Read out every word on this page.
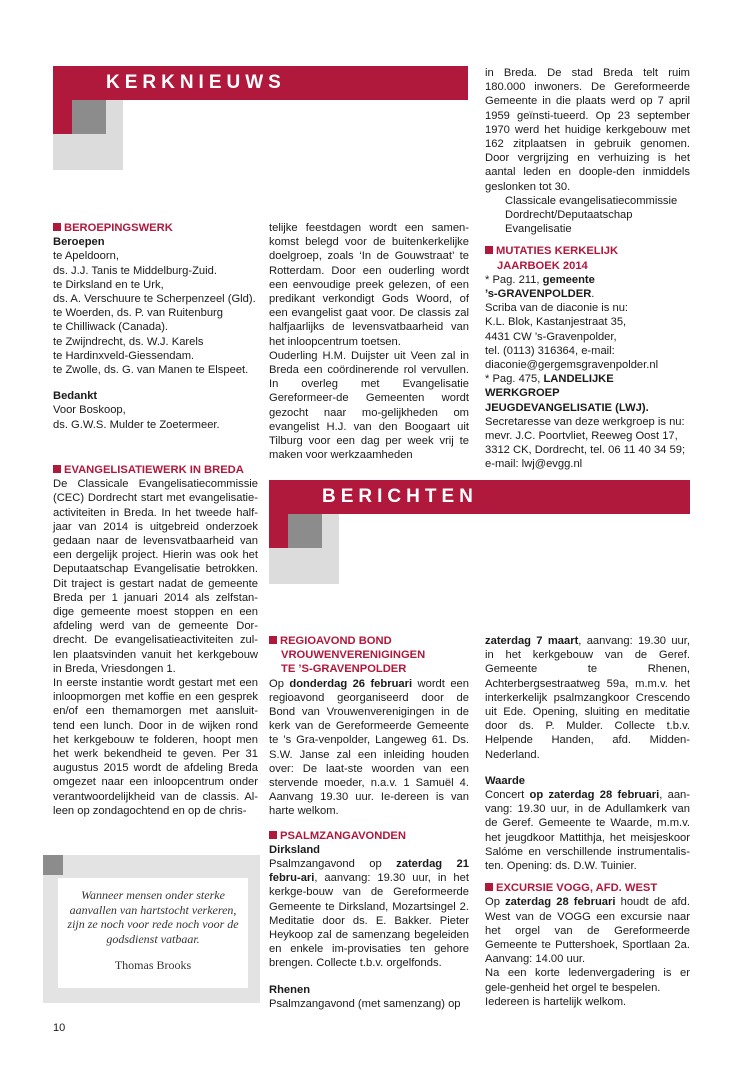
KERKNIEUWS

BEROEPINGSWERK

Beroepen

te Apeldoorn,

ds. J.J. Tanis te Middelburg-Zuid.

te Dirksland en te Urk,

ds. A. Verschuure te Scherpenzeel (Gld).

te Woerden, ds. P. van Ruitenburg

te Chilliwack (Canada).

te Zwijndrecht, ds. W.J. Karels

te Hardinxveld-Giessendam.

te Zwolle, ds. G. van Manen te Elspeet.

Bedankt

Voor Boskoop,

ds. G.W.S. Mulder te Zoetermeer.

EVANGELISATIEWERK IN BREDA

De Classicale Evangelisatiecommissie (CEC) Dordrecht start met evangelisatie-activiteiten in Breda. In het tweede half-jaar van 2014 is uitgebreid onderzoek gedaan naar de levensvatbaarheid van een dergelijk project. Hierin was ook het Deputaatschap Evangelisatie betrokken. Dit traject is gestart nadat de gemeente Breda per 1 januari 2014 als zelfstan-dige gemeente moest stoppen en een afdeling werd van de gemeente Dor-drecht. De evangelisatieactiviteiten zul-len plaatsvinden vanuit het kerkgebouw in Breda, Vriesdongen 1.

In eerste instantie wordt gestart met een inloopmorgen met koffie en een gesprek en/of een themamorgen met aansluit-tend een lunch. Door in de wijken rond het kerkgebouw te folderen, hoopt men het werk bekendheid te geven. Per 31 augustus 2015 wordt de afdeling Breda omgezet naar een inloopcentrum onder verantwoordelijkheid van de classis. Al-leen op zondagochtend en op de chris-

Wanneer mensen onder sterke aanvallen van hartstocht verkeren, zijn ze noch voor rede noch voor de godsdienst vatbaar.
Thomas Brooks
10

telijke feestdagen wordt een samen-komst belegd voor de buitenkerkelijke doelgroep, zoals ‘In de Gouwstraat’ te Rotterdam. Door een ouderling wordt een eenvoudige preek gelezen, of een predikant verkondigt Gods Woord, of een evangelist gaat voor. De classis zal halfjaarlijks de levensvatbaarheid van het inloopcentrum toetsen.

Ouderling H.M. Duijster uit Veen zal in Breda een coördinerende rol vervullen. In overleg met Evangelisatie Gereformeer-de Gemeenten wordt gezocht naar mo-gelijkheden om evangelist H.J. van den Boogaart uit Tilburg voor een dag per week vrij te maken voor werkzaamheden

in Breda. De stad Breda telt ruim 180.000 inwoners. De Gereformeerde Gemeente in die plaats werd op 7 april 1959 geïnsti-tueerd. Op 23 september 1970 werd het huidige kerkgebouw met 162 zitplaatsen in gebruik genomen. Door vergrijzing en verhuizing is het aantal leden en doople-den inmiddels geslonken tot 30.

Classicale evangelisatiecommissie

Dordrecht/Deputaatschap

Evangelisatie

MUTATIES KERKELIJK

JAARBOEK 2014

* Pag. 211, gemeente

’s-GRAVENPOLDER.

Scriba van de diaconie is nu:

K.L. Blok, Kastanjestraat 35,

4431 CW ’s-Gravenpolder,

tel. (0113) 316364, e-mail:

diaconie@gergemsgravenpolder.nl

* Pag. 475, LANDELIJKE WERKGROEP

JEUGDEVANGELISATIE (LWJ).

Secretaresse van deze werkgroep is nu:

mevr. J.C. Poortvliet, Reeweg Oost 17,

3312 CK, Dordrecht, tel. 06 11 40 34 59;

e-mail: lwj@evgg.nl

BERICHTEN

REGIOAVOND BOND

VROUWENVERENIGINGEN

TE ’S-GRAVENPOLDER

Op donderdag 26 februari wordt een regioavond georganiseerd door de Bond van Vrouwenverenigingen in de kerk van de Gereformeerde Gemeente te ’s Gra-venpolder, Langeweg 61. Ds. S.W. Janse zal een inleiding houden over: De laat-ste woorden van een stervende moeder, n.a.v. 1 Samuël 4. Aanvang 19.30 uur. Ie-dereen is van harte welkom.

PSALMZANGAVONDEN

Dirksland

Psalmzangavond op zaterdag 21 febru-ari, aanvang: 19.30 uur, in het kerkge-bouw van de Gereformeerde Gemeente te Dirksland, Mozartsingel 2. Meditatie door ds. E. Bakker. Pieter Heykoop zal de samenzang begeleiden en enkele im-provisaties ten gehore brengen. Collecte t.b.v. orgelfonds.

Rhenen

Psalmzangavond (met samenzang) op

zaterdag 7 maart, aanvang: 19.30 uur, in het kerkgebouw van de Geref. Gemeente te Rhenen, Achterbergsestraatweg 59a, m.m.v. het interkerkelijk psalmzangkoor Crescendo uit Ede. Opening, sluiting en meditatie door ds. P. Mulder. Collecte t.b.v. Helpende Handen, afd. Midden-Nederland.

Waarde

Concert op zaterdag 28 februari, aan-vang: 19.30 uur, in de Adullamkerk van de Geref. Gemeente te Waarde, m.m.v. het jeugdkoor Mattithja, het meisjeskoor Salóme en verschillende instrumentalis-ten. Opening: ds. D.W. Tuinier.

EXCURSIE VOGG, AFD. WEST

Op zaterdag 28 februari houdt de afd. West van de VOGG een excursie naar het orgel van de Gereformeerde Gemeente te Puttershoek, Sportlaan 2a. Aanvang: 14.00 uur.

Na een korte ledenvergadering is er gele-genheid het orgel te bespelen.

Iedereen is hartelijk welkom.
